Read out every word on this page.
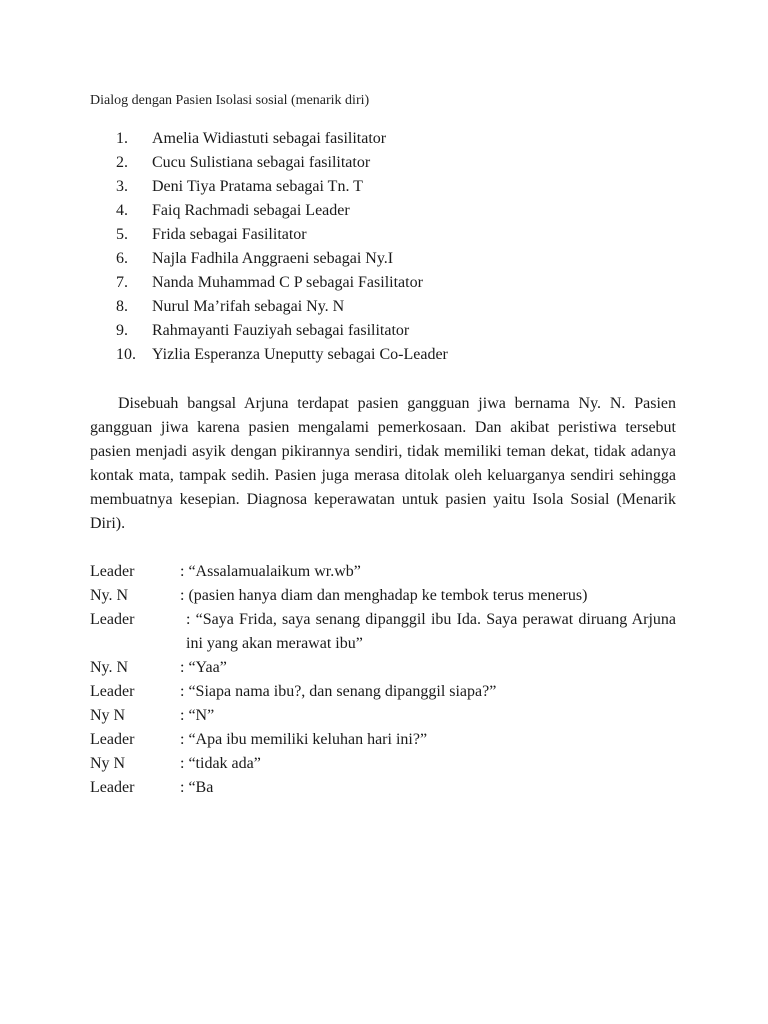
Dialog dengan Pasien Isolasi sosial (menarik diri)
1. Amelia Widiastuti sebagai fasilitator
2. Cucu Sulistiana sebagai fasilitator
3. Deni Tiya Pratama sebagai Tn. T
4. Faiq Rachmadi sebagai Leader
5. Frida sebagai Fasilitator
6. Najla Fadhila Anggraeni sebagai Ny.I
7. Nanda Muhammad C P sebagai Fasilitator
8. Nurul Ma’rifah sebagai Ny. N
9. Rahmayanti Fauziyah sebagai fasilitator
10. Yizlia Esperanza Uneputty sebagai Co-Leader

Disebuah bangsal Arjuna terdapat pasien gangguan jiwa bernama Ny. N. Pasien gangguan jiwa karena pasien mengalami pemerkosaan. Dan akibat peristiwa tersebut pasien menjadi asyik dengan pikirannya sendiri, tidak memiliki teman dekat, tidak adanya kontak mata, tampak sedih. Pasien juga merasa ditolak oleh keluarganya sendiri sehingga membuatnya kesepian. Diagnosa keperawatan untuk pasien yaitu Isola Sosial (Menarik Diri).

Leader	: “Assalamualaikum wr.wb”
Ny. N	: (pasien hanya diam dan menghadap ke tembok terus menerus)
Leader	: “Saya Frida, saya senang dipanggil ibu Ida. Saya perawat diruang Arjuna ini yang akan merawat ibu”
Ny. N	: “Yaa”
Leader	: “Siapa nama ibu?, dan senang dipanggil siapa?”
Ny N	: “N”
Leader	: “Apa ibu memiliki keluhan hari ini?”
Ny N	: “tidak ada”
Leader	: “Ba
